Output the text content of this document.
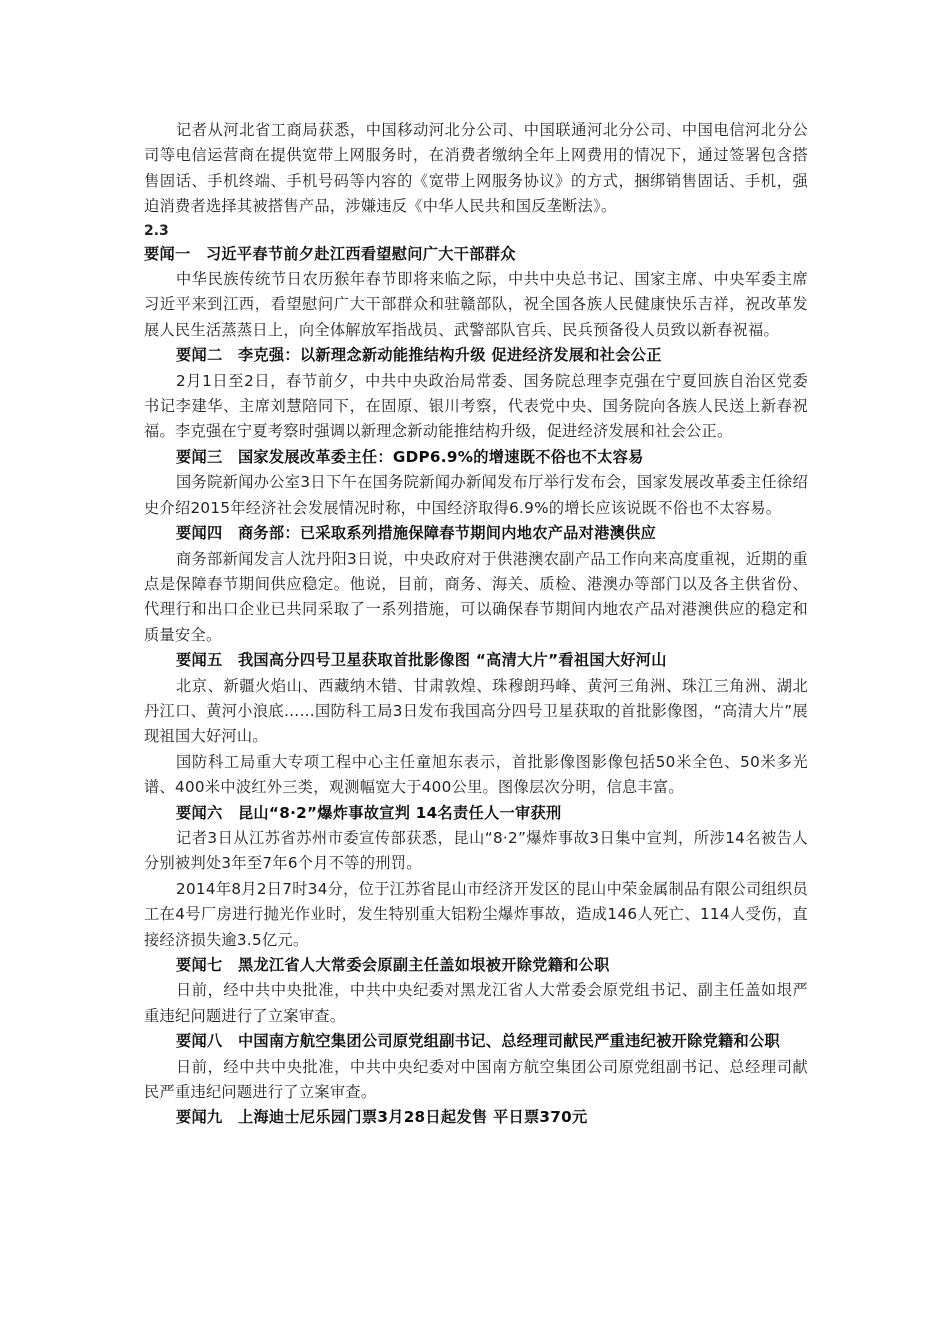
记者从河北省工商局获悉，中国移动河北分公司、中国联通河北分公司、中国电信河北分公司等电信运营商在提供宽带上网服务时，在消费者缴纳全年上网费用的情况下，通过签署包含搭售固话、手机终端、手机号码等内容的《宽带上网服务协议》的方式，捆绑销售固话、手机，强迫消费者选择其被搭售产品，涉嫌违反《中华人民共和国反垄断法》。

2.3

要闻一　习近平春节前夕赴江西看望慰问广大干部群众

中华民族传统节日农历猴年春节即将来临之际，中共中央总书记、国家主席、中央军委主席习近平来到江西，看望慰问广大干部群众和驻赣部队，祝全国各族人民健康快乐吉祥，祝改革发展人民生活蒸蒸日上，向全体解放军指战员、武警部队官兵、民兵预备役人员致以新春祝福。

要闻二　李克强：以新理念新动能推结构升级 促进经济发展和社会公正

2月1日至2日，春节前夕，中共中央政治局常委、国务院总理李克强在宁夏回族自治区党委书记李建华、主席刘慧陪同下，在固原、银川考察，代表党中央、国务院向各族人民送上新春祝福。李克强在宁夏考察时强调以新理念新动能推结构升级，促进经济发展和社会公正。

要闻三　国家发展改革委主任：GDP6.9%的增速既不俗也不太容易

国务院新闻办公室3日下午在国务院新闻办新闻发布厅举行发布会，国家发展改革委主任徐绍史介绍2015年经济社会发展情况时称，中国经济取得6.9%的增长应该说既不俗也不太容易。

要闻四　商务部：已采取系列措施保障春节期间内地农产品对港澳供应

商务部新闻发言人沈丹阳3日说，中央政府对于供港澳农副产品工作向来高度重视，近期的重点是保障春节期间供应稳定。他说，目前，商务、海关、质检、港澳办等部门以及各主供省份、代理行和出口企业已共同采取了一系列措施，可以确保春节期间内地农产品对港澳供应的稳定和质量安全。

要闻五　我国高分四号卫星获取首批影像图 “高清大片”看祖国大好河山

北京、新疆火焰山、西藏纳木错、甘肃敦煌、珠穆朗玛峰、黄河三角洲、珠江三角洲、湖北丹江口、黄河小浪底……国防科工局3日发布我国高分四号卫星获取的首批影像图，“高清大片”展现祖国大好河山。

国防科工局重大专项工程中心主任童旭东表示，首批影像图影像包括50米全色、50米多光谱、400米中波红外三类，观测幅宽大于400公里。图像层次分明，信息丰富。

要闻六　昆山“8·2”爆炸事故宣判 14名责任人一审获刑

记者3日从江苏省苏州市委宣传部获悉，昆山“8·2”爆炸事故3日集中宣判，所涉14名被告人分别被判处3年至7年6个月不等的刑罚。

2014年8月2日7时34分，位于江苏省昆山市经济开发区的昆山中荣金属制品有限公司组织员工在4号厂房进行抛光作业时，发生特别重大铝粉尘爆炸事故，造成146人死亡、114人受伤，直接经济损失逾3.5亿元。

要闻七　黑龙江省人大常委会原副主任盖如垠被开除党籍和公职

日前，经中共中央批准，中共中央纪委对黑龙江省人大常委会原党组书记、副主任盖如垠严重违纪问题进行了立案审查。

要闻八　中国南方航空集团公司原党组副书记、总经理司献民严重违纪被开除党籍和公职

日前，经中共中央批准，中共中央纪委对中国南方航空集团公司原党组副书记、总经理司献民严重违纪问题进行了立案审查。

要闻九　上海迪士尼乐园门票3月28日起发售 平日票370元
